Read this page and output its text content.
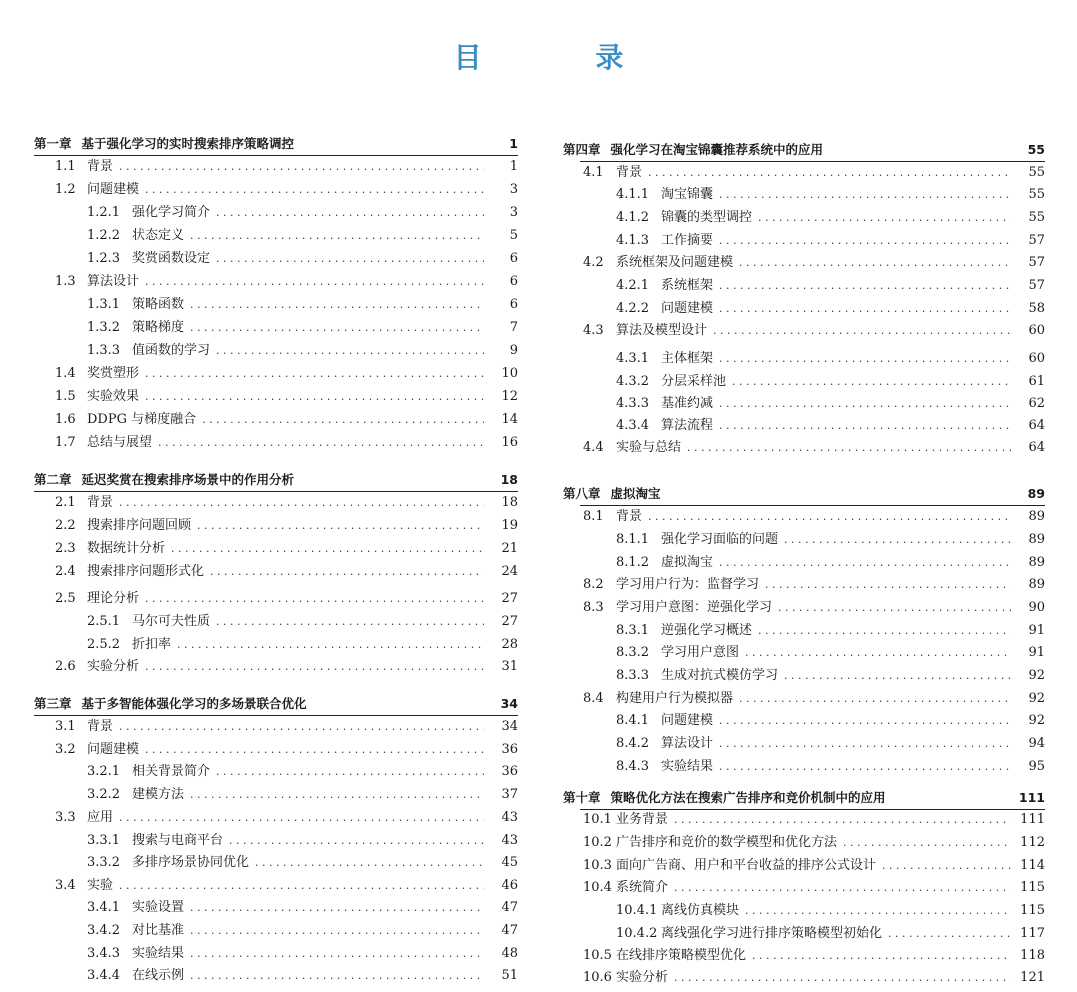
目 录
第一章 基于强化学习的实时搜索排序策略调控	1
1.1 背景 . . .	1
1.2 问题建模 . . .	3
1.2.1 强化学习简介 . . .	3
1.2.2 状态定义 . . .	5
1.2.3 奖赏函数设定 . . .	6
1.3 算法设计 . . .	6
1.3.1 策略函数 . . .	6
1.3.2 策略梯度 . . .	7
1.3.3 值函数的学习 . . .	9
1.4 奖赏塑形 . . .	10
1.5 实验效果 . . .	12
1.6 DDPG 与梯度融合 . . .	14
1.7 总结与展望 . . .	16
第二章 延迟奖赏在搜索排序场景中的作用分析	18
2.1 背景 . . .	18
2.2 搜索排序问题回顾 . . .	19
2.3 数据统计分析 . . .	21
2.4 搜索排序问题形式化 . . .	24
2.5 理论分析 . . .	27
2.5.1 马尔可夫性质 . . .	27
2.5.2 折扣率 . . .	28
2.6 实验分析 . . .	31
第三章 基于多智能体强化学习的多场景联合优化	34
3.1 背景 . . .	34
3.2 问题建模 . . .	36
3.2.1 相关背景简介 . . .	36
3.2.2 建模方法 . . .	37
3.3 应用 . . .	43
3.3.1 搜索与电商平台 . . .	43
3.3.2 多排序场景协同优化 . . .	45
3.4 实验 . . .	46
3.4.1 实验设置 . . .	47
3.4.2 对比基准 . . .	47
3.4.3 实验结果 . . .	48
3.4.4 在线示例 . . .	51
第四章 强化学习在淘宝锦囊推荐系统中的应用	55
4.1 背景 . . .	55
4.1.1 淘宝锦囊 . . .	55
4.1.2 锦囊的类型调控 . . .	55
4.1.3 工作摘要 . . .	57
4.2 系统框架及问题建模 . . .	57
4.2.1 系统框架 . . .	57
4.2.2 问题建模 . . .	58
4.3 算法及模型设计 . . .	60
4.3.1 主体框架 . . .	60
4.3.2 分层采样池 . . .	61
4.3.3 基准约减 . . .	62
4.3.4 算法流程 . . .	64
4.4 实验与总结 . . .	64
第八章 虚拟淘宝	89
8.1 背景 . . .	89
8.1.1 强化学习面临的问题 . . .	89
8.1.2 虚拟淘宝 . . .	89
8.2 学习用户行为：监督学习 . . .	89
8.3 学习用户意图：逆强化学习 . . .	90
8.3.1 逆强化学习概述 . . .	91
8.3.2 学习用户意图 . . .	91
8.3.3 生成对抗式模仿学习 . . .	92
8.4 构建用户行为模拟器 . . .	92
8.4.1 问题建模 . . .	92
8.4.2 算法设计 . . .	94
8.4.3 实验结果 . . .	95
第十章 策略优化方法在搜索广告排序和竞价机制中的应用	111
10.1 业务背景 . . .	111
10.2 广告排序和竞价的数学模型和优化方法 . . .	112
10.3 面向广告商、用户和平台收益的排序公式设计 . . .	114
10.4 系统简介 . . .	115
10.4.1 离线仿真模块 . . .	115
10.4.2 离线强化学习进行排序策略模型初始化 . . .	117
10.5 在线排序策略模型优化 . . .	118
10.6 实验分析 . . .	121
